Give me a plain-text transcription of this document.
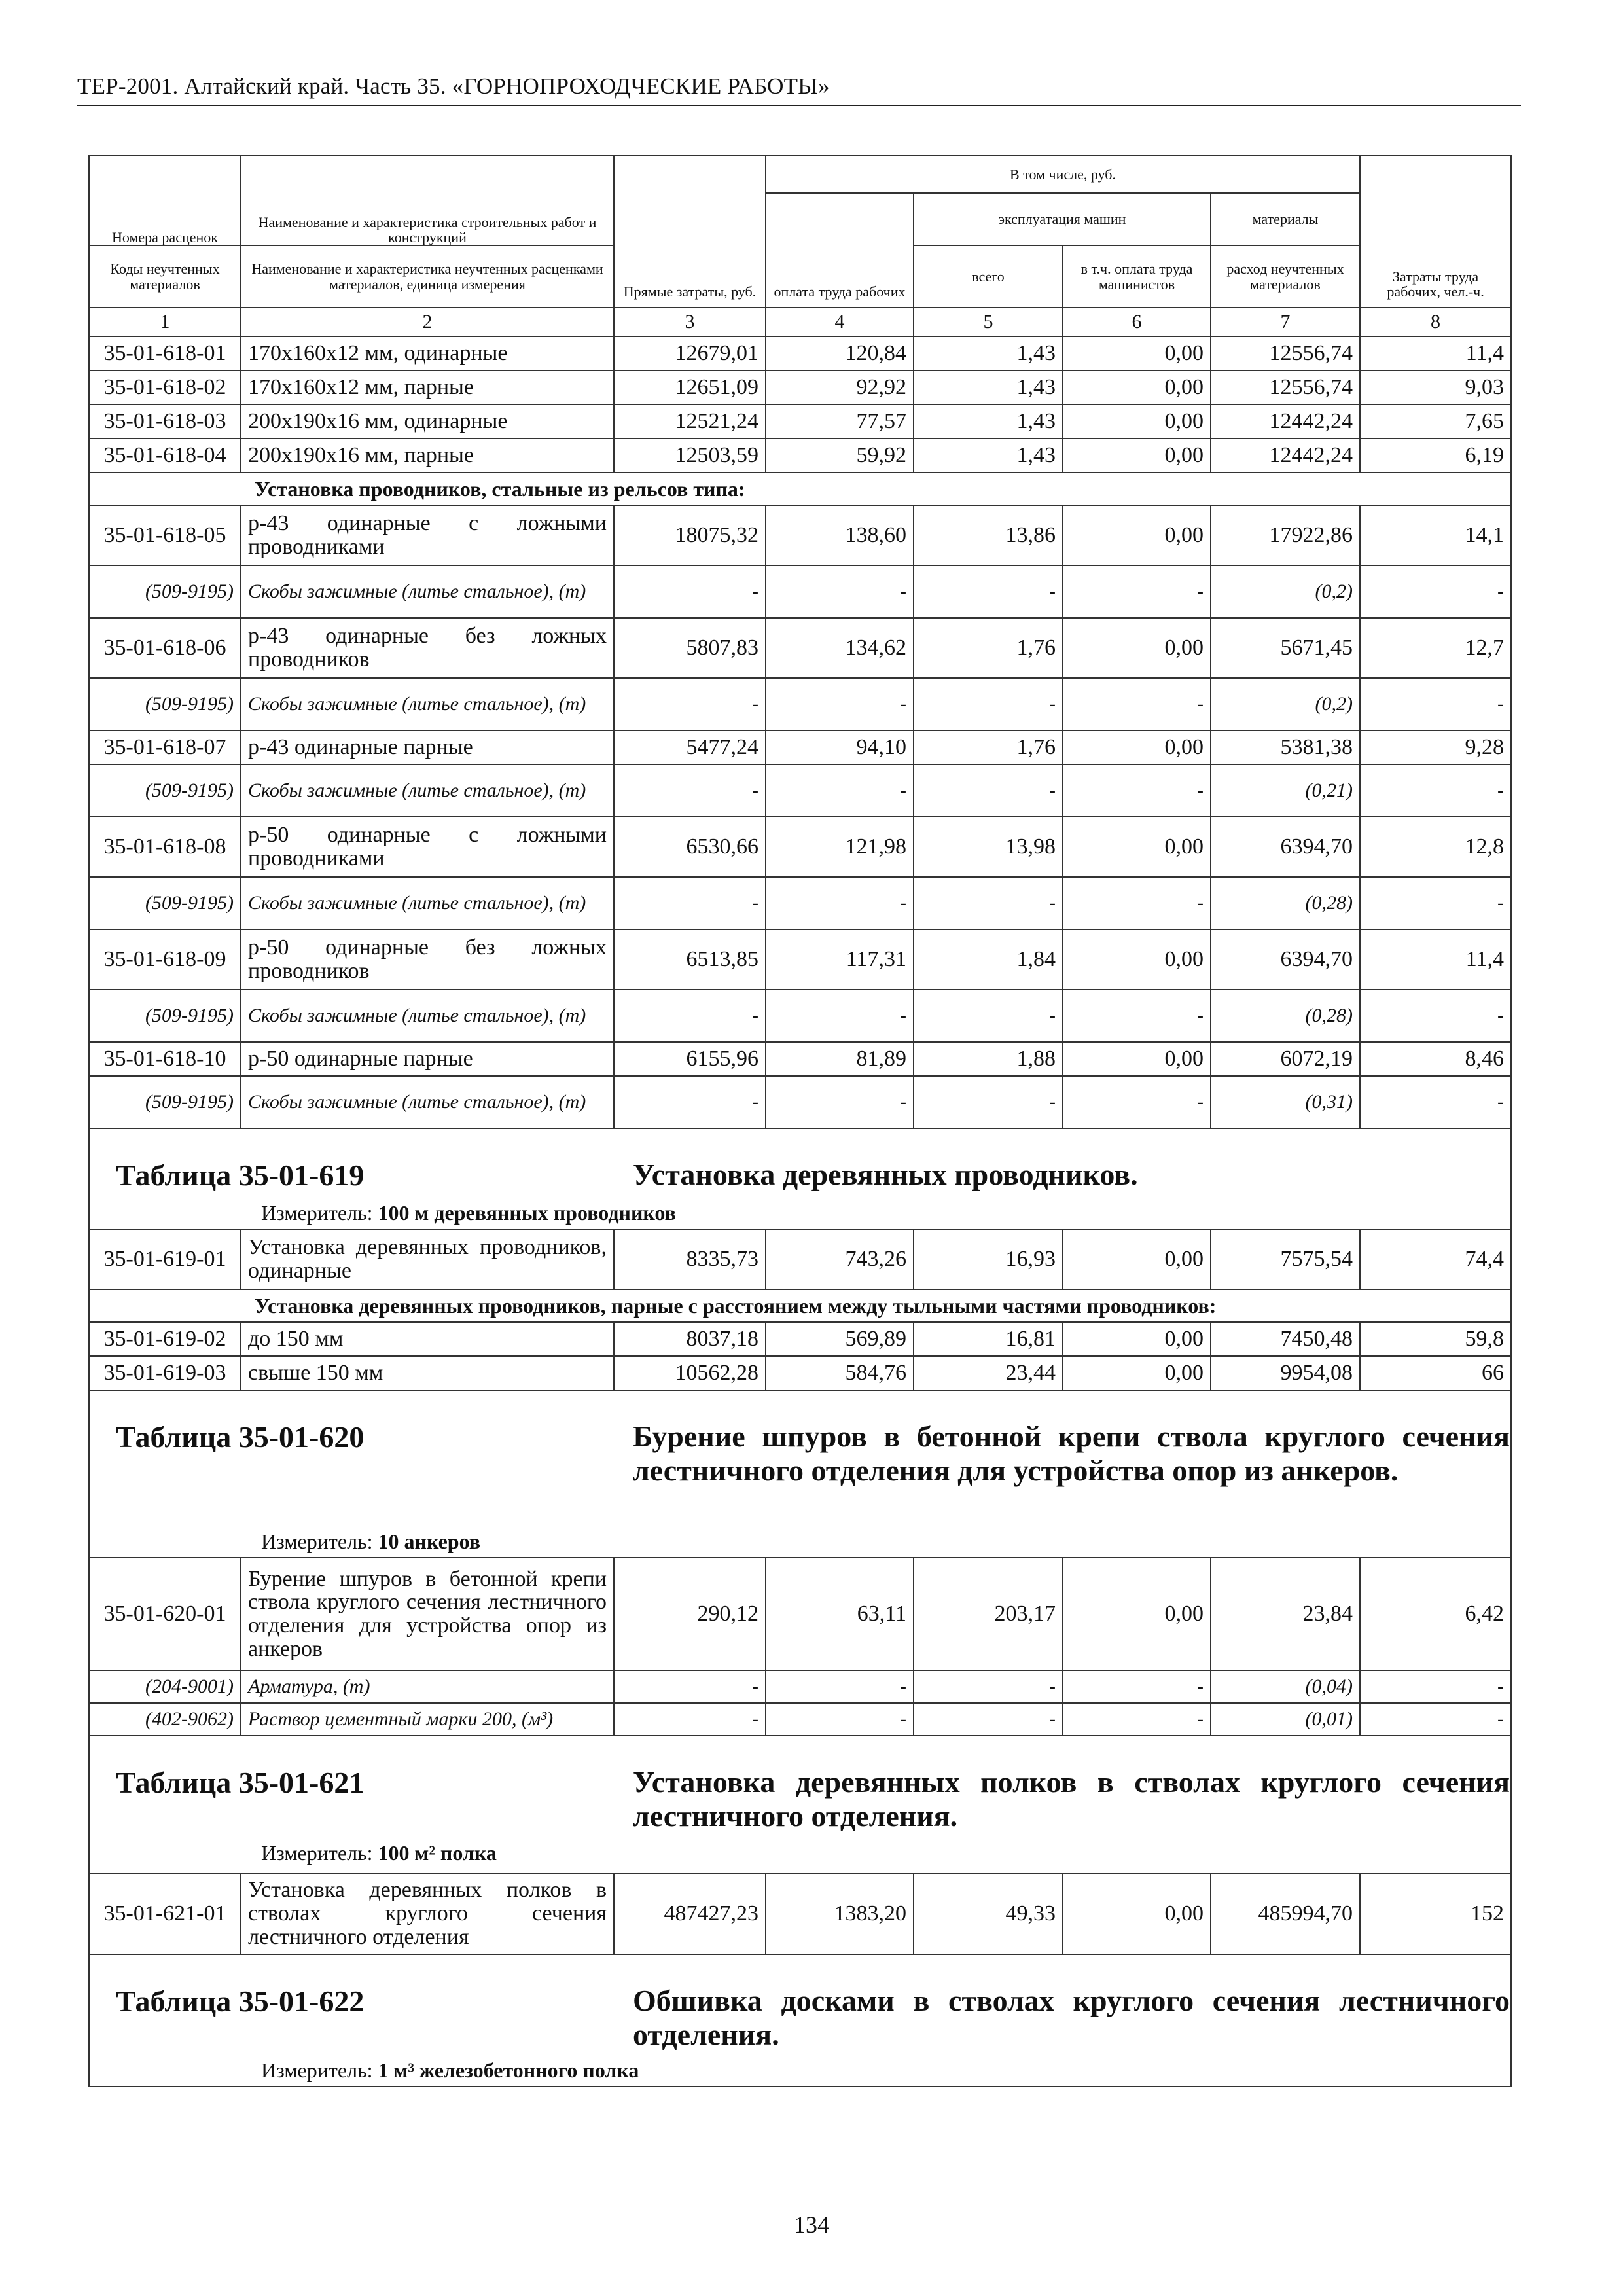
ТЕР-2001. Алтайский край. Часть 35. «ГОРНОПРОХОДЧЕСКИЕ РАБОТЫ»
Номера расценок	Наименование и характеристика строительных работ и конструкций	Прямые затраты, руб.	В том числе, руб.				Затраты труда рабочих, чел.-ч.
			оплата труда рабочих	эксплуатация машин		материалы	
Коды неучтенных материалов	Наименование и характеристика неучтенных расценками материалов, единица измерения			всего	в т.ч. оплата труда машинистов	расход неучтенных материалов	
1	2	3	4	5	6	7	8
35-01-618-01	170х160х12 мм, одинарные	12679,01	120,84	1,43	0,00	12556,74	11,4
35-01-618-02	170х160х12 мм, парные	12651,09	92,92	1,43	0,00	12556,74	9,03
35-01-618-03	200х190х16 мм, одинарные	12521,24	77,57	1,43	0,00	12442,24	7,65
35-01-618-04	200х190х16 мм, парные	12503,59	59,92	1,43	0,00	12442,24	6,19
Установка проводников, стальные из рельсов типа:							
35-01-618-05	р-43 одинарные с ложными проводниками	18075,32	138,60	13,86	0,00	17922,86	14,1
(509-9195)	Скобы зажимные (литье стальное), (т)	-	-	-	-	(0,2)	-
35-01-618-06	р-43 одинарные без ложных проводников	5807,83	134,62	1,76	0,00	5671,45	12,7
(509-9195)	Скобы зажимные (литье стальное), (т)	-	-	-	-	(0,2)	-
35-01-618-07	р-43 одинарные парные	5477,24	94,10	1,76	0,00	5381,38	9,28
(509-9195)	Скобы зажимные (литье стальное), (т)	-	-	-	-	(0,21)	-
35-01-618-08	р-50 одинарные с ложными проводниками	6530,66	121,98	13,98	0,00	6394,70	12,8
(509-9195)	Скобы зажимные (литье стальное), (т)	-	-	-	-	(0,28)	-
35-01-618-09	р-50 одинарные без ложных проводников	6513,85	117,31	1,84	0,00	6394,70	11,4
(509-9195)	Скобы зажимные (литье стальное), (т)	-	-	-	-	(0,28)	-
35-01-618-10	р-50 одинарные парные	6155,96	81,89	1,88	0,00	6072,19	8,46
(509-9195)	Скобы зажимные (литье стальное), (т)	-	-	-	-	(0,31)	-

Таблица 35-01-619 Установка деревянных проводников.
Измеритель: 100 м деревянных проводников							

35-01-619-01	Установка деревянных проводников, одинарные	8335,73	743,26	16,93	0,00	7575,54	74,4
Установка деревянных проводников, парные с расстоянием между тыльными частями проводников:							
35-01-619-02	до 150 мм	8037,18	569,89	16,81	0,00	7450,48	59,8
35-01-619-03	свыше 150 мм	10562,28	584,76	23,44	0,00	9954,08	66

Таблица 35-01-620 Бурение шпуров в бетонной крепи ствола круглого сечения лестничного отделения для устройства опор из анкеров.
Измеритель: 10 анкеров							

35-01-620-01	Бурение шпуров в бетонной крепи ствола круглого сечения лестничного отделения для устройства опор из анкеров	290,12	63,11	203,17	0,00	23,84	6,42
(204-9001)	Арматура, (т)	-	-	-	-	(0,04)	-
(402-9062)	Раствор цементный марки 200, (м³)	-	-	-	-	(0,01)	-

Таблица 35-01-621 Установка деревянных полков в стволах круглого сечения лестничного отделения.
Измеритель: 100 м² полка							

35-01-621-01	Установка деревянных полков в стволах круглого сечения лестничного отделения	487427,23	1383,20	49,33	0,00	485994,70	152

Таблица 35-01-622 Обшивка досками в стволах круглого сечения лестничного отделения.
Измеритель: 1 м³ железобетонного полка							
134
